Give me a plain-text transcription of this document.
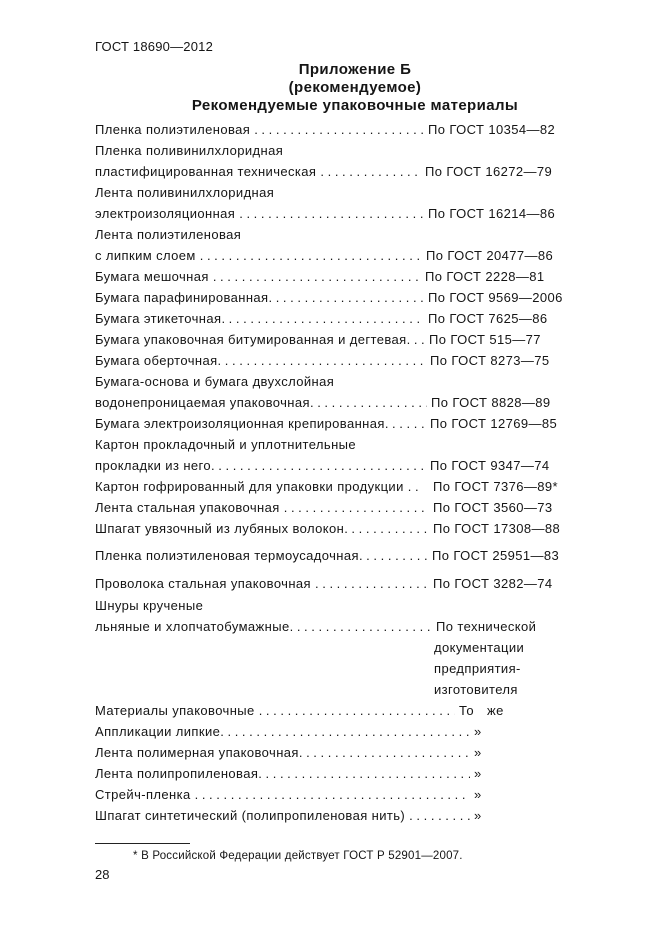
ГОСТ 18690—2012
Приложение Б
(рекомендуемое)
Рекомендуемые упаковочные материалы
Пленка полиэтиленовая . . .	По ГОСТ 10354—82
Пленка поливинилхлоридная
пластифицированная техническая . . .	По ГОСТ 16272—79
Лента поливинилхлоридная
электроизоляционная . . .	По ГОСТ 16214—86
Лента полиэтиленовая
с липким слоем . . .	По ГОСТ 20477—86
Бумага мешочная . . .	По ГОСТ 2228—81
Бумага парафинированная . . .	По ГОСТ 9569—2006
Бумага этикеточная . . .	По ГОСТ 7625—86
Бумага упаковочная битумированная и дегтевая . . . По ГОСТ 515—77
Бумага оберточная . . .	По ГОСТ 8273—75
Бумага-основа и бумага двухслойная
водонепроницаемая упаковочная . . .	По ГОСТ 8828—89
Бумага электроизоляционная крепированная . . .	По ГОСТ 12769—85
Картон прокладочный и уплотнительные
прокладки из него . . .	По ГОСТ 9347—74
Картон гофрированный для упаковки продукции . . . По ГОСТ 7376—89*
Лента стальная упаковочная . . .	По ГОСТ 3560—73
Шпагат увязочный из лубяных волокон . . .	По ГОСТ 17308—88
Пленка полиэтиленовая термоусадочная . . .	По ГОСТ 25951—83
Проволока стальная упаковочная . . .	По ГОСТ 3282—74
Шнуры крученые
льняные и хлопчатобумажные . . .	По технической
документации
предприятия-
изготовителя
Материалы упаковочные . . .	То же
Аппликации липкие . . .	»
Лента полимерная упаковочная . . .	»
Лента полипропиленовая . . .	»
Стрейч-пленка . . .	»
Шпагат синтетический (полипропиленовая нить) . . .	»
* В Российской Федерации действует ГОСТ Р 52901—2007.
28
